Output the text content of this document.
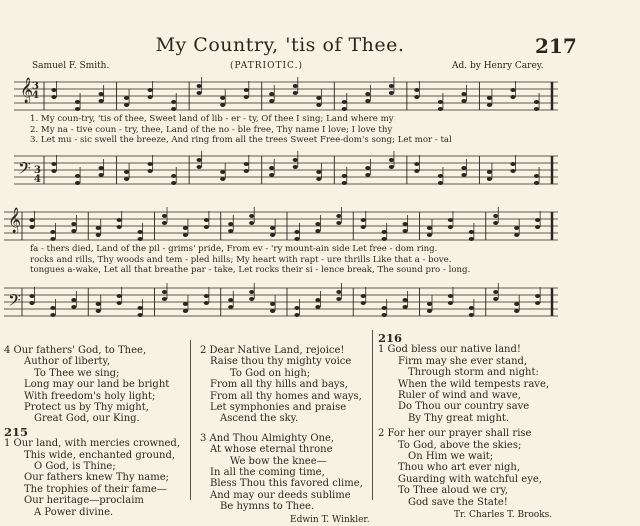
My Country, 'tis of Thee.	217
Samuel F. Smith.	(PATRIOTIC.)	Ad. by Henry Carey.
𝄞
3
4
1. My coun-try, 'tis of thee, Sweet land of lib - er - ty, Of thee I sing; Land where my
2. My na - tive coun - try, thee, Land of the no - ble free, Thy name I love; I love thy
3. Let mu - sic swell the breeze, And ring from all the trees Sweet Free-dom's song; Let mor - tal
𝄢 3
4
𝄞
fa - thers died, Land of the pil - grims' pride, From ev - 'ry mount-ain side Let free - dom ring.
rocks and rills, Thy woods and tem - pled hills; My heart with rapt - ure thrills Like that a - bove.
tongues a-wake, Let all that breathe par - take, Let rocks their si - lence break, The sound pro - long.
𝄢
4 Our fathers' God, to Thee,
Author of liberty,
To Thee we sing;
Long may our land be bright
With freedom's holy light;
Protect us by Thy might,
Great God, our King.
215
1 Our land, with mercies crowned,
This wide, enchanted ground,
O God, is Thine;
Our fathers knew Thy name;
The trophies of their fame—
Our heritage—proclaim
A Power divine.
2 Dear Native Land, rejoice!
Raise thou thy mighty voice
To God on high;
From all thy hills and bays,
From all thy homes and ways,
Let symphonies and praise
Ascend the sky.
3 And Thou Almighty One,
At whose eternal throne
We bow the knee—
In all the coming time,
Bless Thou this favored clime,
And may our deeds sublime
Be hymns to Thee.
Edwin T. Winkler.
216
1 God bless our native land!
Firm may she ever stand,
Through storm and night:
When the wild tempests rave,
Ruler of wind and wave,
Do Thou our country save
By Thy great might.
2 For her our prayer shall rise
To God, above the skies;
On Him we wait;
Thou who art ever nigh,
Guarding with watchful eye,
To Thee aloud we cry,
God save the State!
Tr. Charles T. Brooks.
